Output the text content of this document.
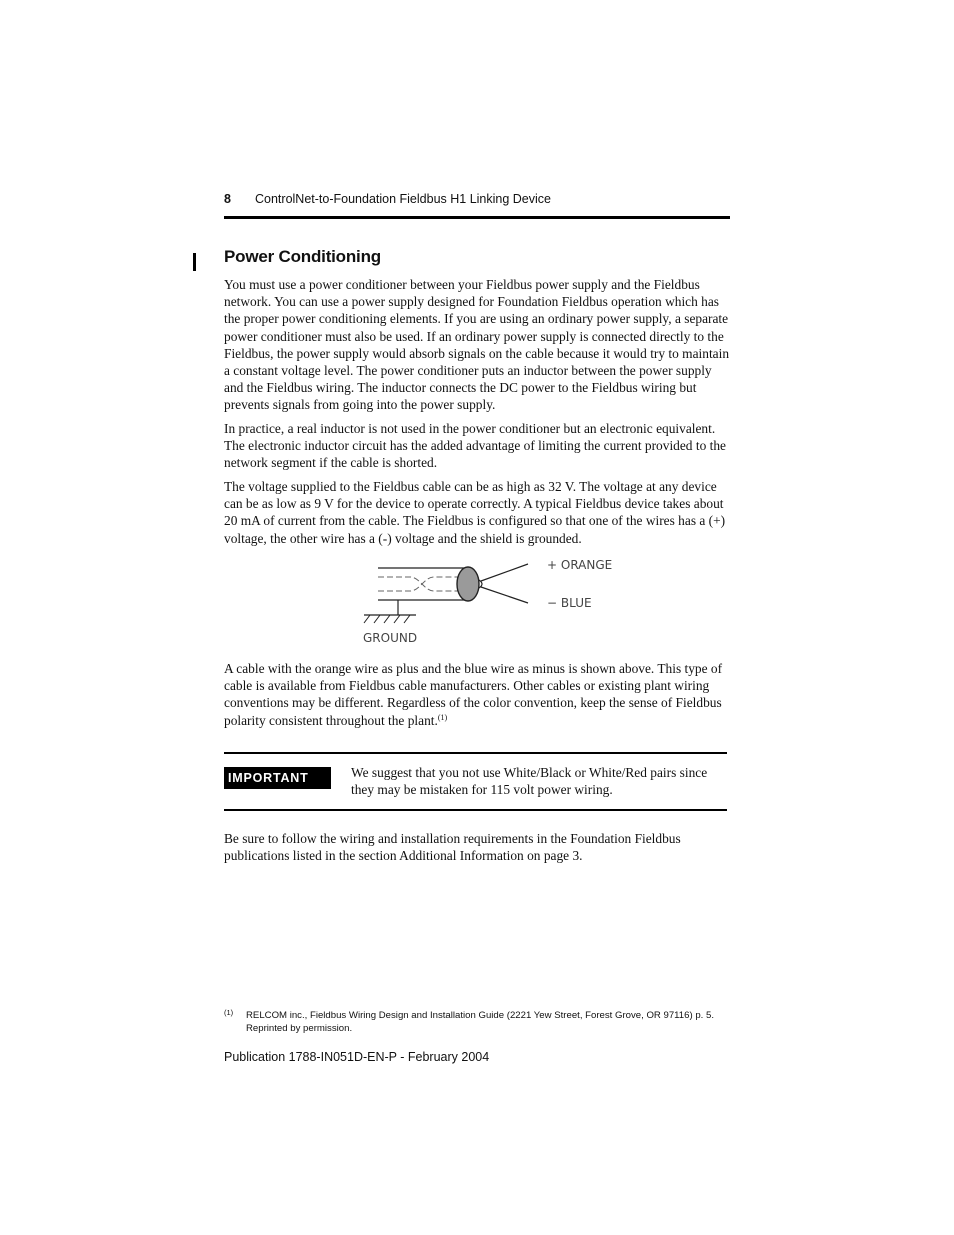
8 ControlNet-to-Foundation Fieldbus H1 Linking Device
Power Conditioning

You must use a power conditioner between your Fieldbus power supply and the Fieldbus network. You can use a power supply designed for Foundation Fieldbus operation which has the proper power conditioning elements. If you are using an ordinary power supply, a separate power conditioner must also be used. If an ordinary power supply is connected directly to the Fieldbus, the power supply would absorb signals on the cable because it would try to maintain a constant voltage level. The power conditioner puts an inductor between the power supply and the Fieldbus wiring. The inductor connects the DC power to the Fieldbus wiring but prevents signals from going into the power supply.

In practice, a real inductor is not used in the power conditioner but an electronic equivalent. The electronic inductor circuit has the added advantage of limiting the current provided to the network segment if the cable is shorted.

The voltage supplied to the Fieldbus cable can be as high as 32 V. The voltage at any device can be as low as 9 V for the device to operate correctly. A typical Fieldbus device takes about 20 mA of current from the cable. The Fieldbus is configured so that one of the wires has a (+) voltage, the other wire has a (-) voltage and the shield is grounded.

+ ORANGE
− BLUE
GROUND

A cable with the orange wire as plus and the blue wire as minus is shown above. This type of cable is available from Fieldbus cable manufacturers. Other cables or existing plant wiring conventions may be different. Regardless of the color convention, keep the sense of Fieldbus polarity consistent throughout the plant.$^{(1)}$

IMPORTANT	We suggest that you not use White/Black or White/Red pairs since they may be mistaken for 115 volt power wiring.

Be sure to follow the wiring and installation requirements in the Foundation Fieldbus publications listed in the section Additional Information on page 3.

(1) RELCOM inc., Fieldbus Wiring Design and Installation Guide (2221 Yew Street, Forest Grove, OR 97116) p. 5. Reprinted by permission.

Publication 1788-IN051D-EN-P - February 2004
